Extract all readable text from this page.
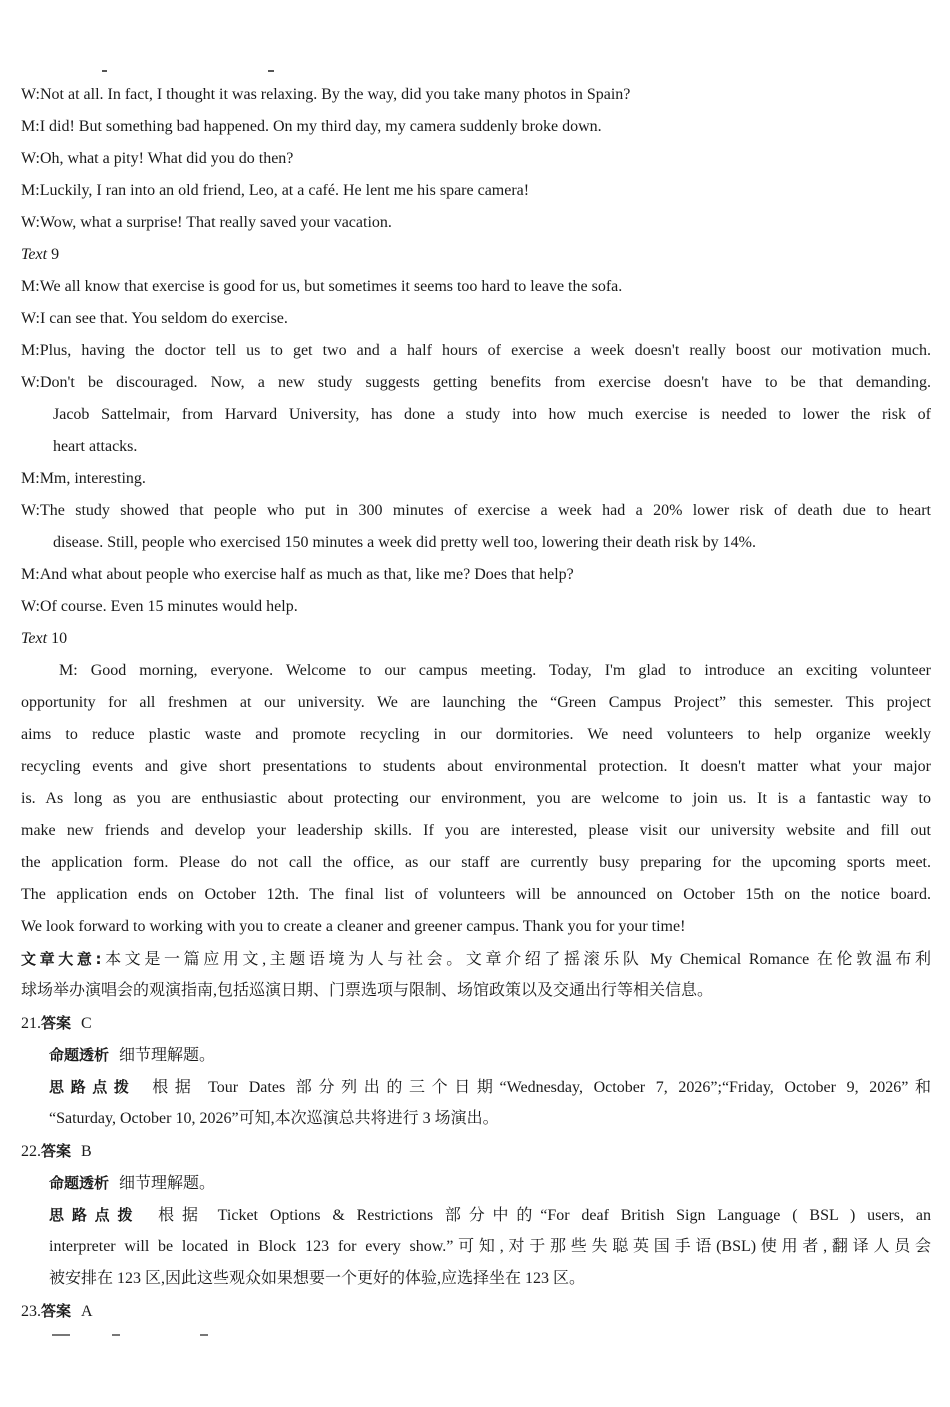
W:Not at all. In fact, I thought it was relaxing. By the way, did you take many photos in Spain?
M:I did! But something bad happened. On my third day, my camera suddenly broke down.
W:Oh, what a pity! What did you do then?
M:Luckily, I ran into an old friend, Leo, at a café. He lent me his spare camera!
W:Wow, what a surprise! That really saved your vacation.
Text 9
M:We all know that exercise is good for us, but sometimes it seems too hard to leave the sofa.
W:I can see that. You seldom do exercise.
M:Plus, having the doctor tell us to get two and a half hours of exercise a week doesn't really boost our motivation much.
W:Don't be discouraged. Now, a new study suggests getting benefits from exercise doesn't have to be that demanding.
Jacob Sattelmair, from Harvard University, has done a study into how much exercise is needed to lower the risk of
heart attacks.
M:Mm, interesting.
W:The study showed that people who put in 300 minutes of exercise a week had a 20% lower risk of death due to heart
disease. Still, people who exercised 150 minutes a week did pretty well too, lowering their death risk by 14%.
M:And what about people who exercise half as much as that, like me? Does that help?
W:Of course. Even 15 minutes would help.
Text 10
M: Good morning, everyone. Welcome to our campus meeting. Today, I'm glad to introduce an exciting volunteer
opportunity for all freshmen at our university. We are launching the “Green Campus Project” this semester. This project
aims to reduce plastic waste and promote recycling in our dormitories. We need volunteers to help organize weekly
recycling events and give short presentations to students about environmental protection. It doesn't matter what your major
is. As long as you are enthusiastic about protecting our environment, you are welcome to join us. It is a fantastic way to
make new friends and develop your leadership skills. If you are interested, please visit our university website and fill out
the application form. Please do not call the office, as our staff are currently busy preparing for the upcoming sports meet.
The application ends on October 12th. The final list of volunteers will be announced on October 15th on the notice board.
We look forward to working with you to create a cleaner and greener campus. Thank you for your time!
文章大意:本文是一篇应用文,主题语境为人与社会。文章介绍了摇滚乐队 My Chemical Romance 在伦敦温布利
球场举办演唱会的观演指南,包括巡演日期、门票选项与限制、场馆政策以及交通出行等相关信息。
21.答案 C
命题透析 细节理解题。
思路点拨 根据 Tour Dates 部分列出的三个日期“Wednesday, October 7, 2026”;“Friday, October 9, 2026”和
“Saturday, October 10, 2026”可知,本次巡演总共将进行 3 场演出。
22.答案 B
命题透析 细节理解题。
思路点拨 根据 Ticket Options & Restrictions 部分中的“For deaf British Sign Language ( BSL ) users, an
interpreter will be located in Block 123 for every show.”可知,对于那些失聪英国手语(BSL)使用者,翻译人员会
被安排在 123 区,因此这些观众如果想要一个更好的体验,应选择坐在 123 区。
23.答案 A
